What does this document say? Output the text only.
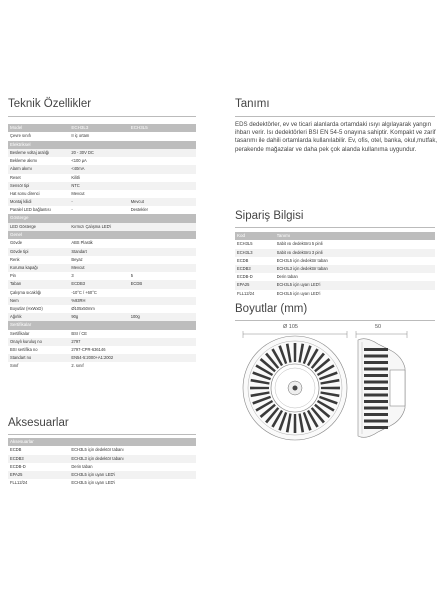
Teknik Özellikler
Model	ECH3L3	ECH3L5
Çevre sınıfı	II iç ortam
Elektriksel
Besleme voltaj aralığı	20 - 30V DC
Bekleme akımı	<100 μA
Alarm akımı	<40mA
Reset	Kilitli
Sensör tipi	NTC
Hat sonu direnci	Mevcut
Montaj kilidi	-	Mevcut
Paralel LED bağlantısı	-	Destekler
Gösterge
LED Gösterge	Kırmızı Çalışma LED'i
Genel
Gövde	ABS Plastik
Gövde tipi	Standart
Renk	Beyaz
Koruma kapağı	Mevcut
Pin	3	5
Taban	ECDB3	ECDB
Çalışma sıcaklığı	-10°C / +60°C
Nem	%93RH
Boyutlar (HxWxD)	Ø105x50mm
Ağırlık	90g	100g
Sertifikalar
Sertifikalar	BSI / CE
Onaylı kuruluş no	2797
BSI sertifika no	2797-CPR-636146
Standart no	EN54-5:2000+A1:2002
Sınıf	2. sınıf
Aksesuarlar
Aksesuarlar
ECDB	ECH3L5 için dedektör tabanı
ECDB3	ECH3L3 için dedektör tabanı
ECDB-D	Derin taban
EPA25	ECH3L5 için uyarı LED'i
FLL12/24	ECH3L5 için uyarı LED'i
Tanımı
EDS dedektörler, ev ve ticari alanlarda ortamdaki ısıyı algılayarak yangın ihbarı verir. Isı dedektörleri BSI EN 54-5 onayına sahiptir. Kompakt ve zarif tasarımı ile dahili ortamlarda kullanılabilir. Ev, ofis, otel, banka, okul,mutfak, perakende mağazalar ve daha pek çok alanda kullanıma uygundur.
Sipariş Bilgisi
Kod	Tanımı
ECH3L5	Sabit ısı dedektörü 5 pinli
ECH3L3	Sabit ısı dedektörü 3 pinli
ECDB	ECH3L5 için dedektör taban
ECDB3	ECH3L3 için dedektör taban
ECDB-D	Derin taban
EPA25	ECH3L5 için uyarı LED'i
FLL12/24	ECH3L5 için uyarı LED'i
Boyutlar (mm)
Ø 105	50
